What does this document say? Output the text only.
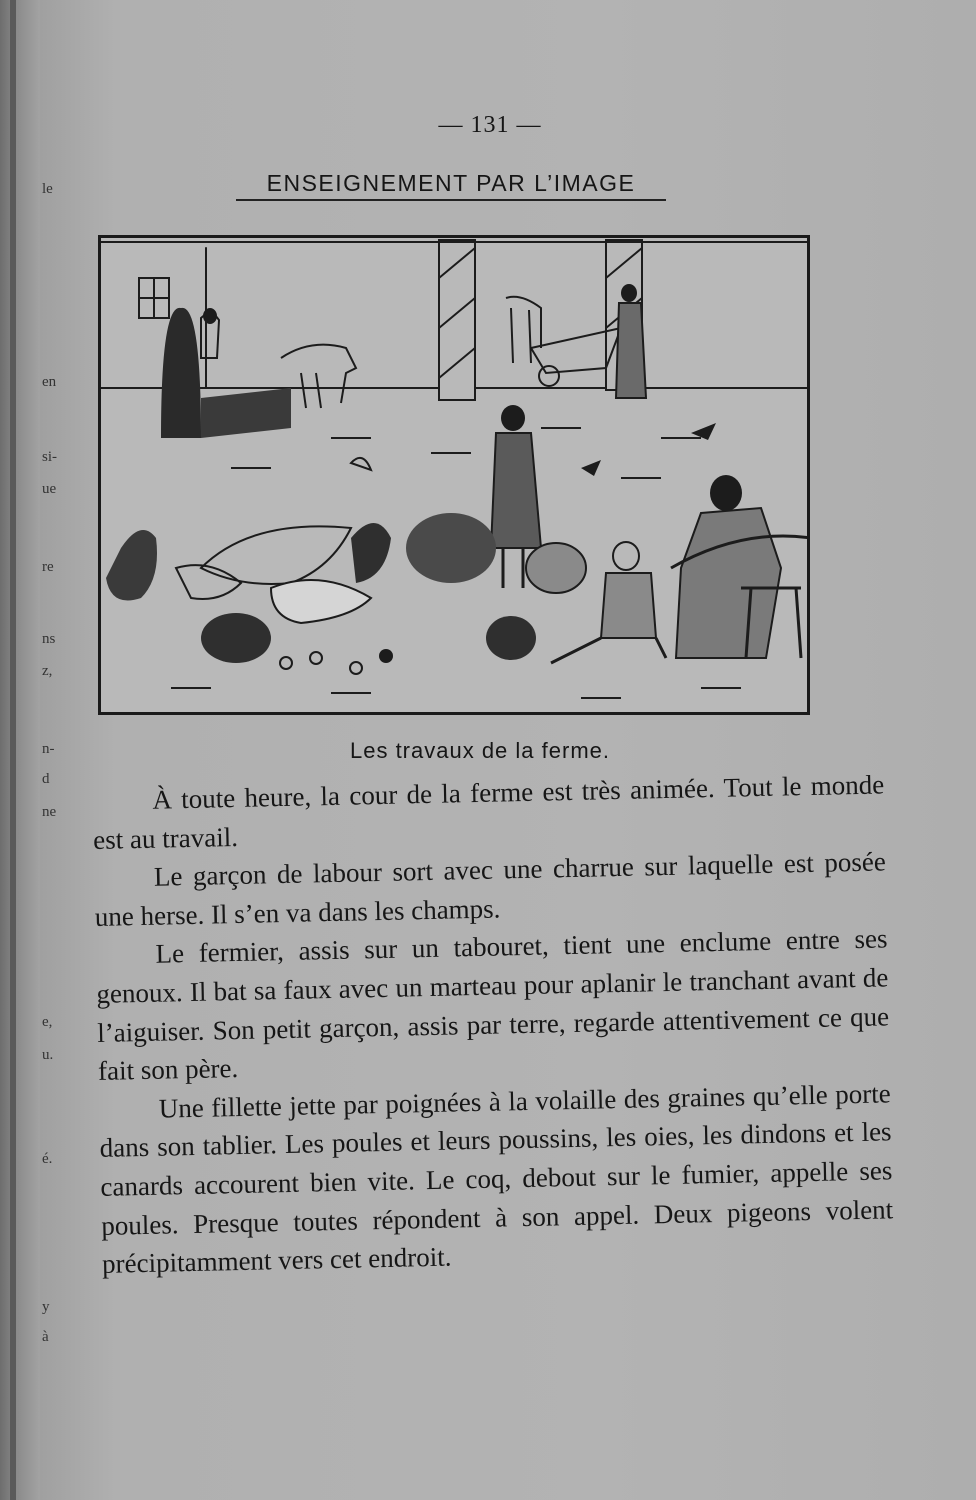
le
en
si-
ue
re
ns
z,
n-
d
ne
e,
u.
é.
y
à
— 131 —
ENSEIGNEMENT PAR L’IMAGE
Les travaux de la ferme.

À toute heure, la cour de la ferme est très animée. Tout le monde est au travail.

Le garçon de labour sort avec une charrue sur laquelle est posée une herse. Il s’en va dans les champs.

Le fermier, assis sur un tabouret, tient une enclume entre ses genoux. Il bat sa faux avec un marteau pour aplanir le tranchant avant de l’aiguiser. Son petit garçon, assis par terre, regarde attentivement ce que fait son père.

Une fillette jette par poignées à la volaille des graines qu’elle porte dans son tablier. Les poules et leurs poussins, les oies, les dindons et les canards accourent bien vite. Le coq, debout sur le fumier, appelle ses poules. Presque toutes répondent à son appel. Deux pigeons volent précipitamment vers cet endroit.
